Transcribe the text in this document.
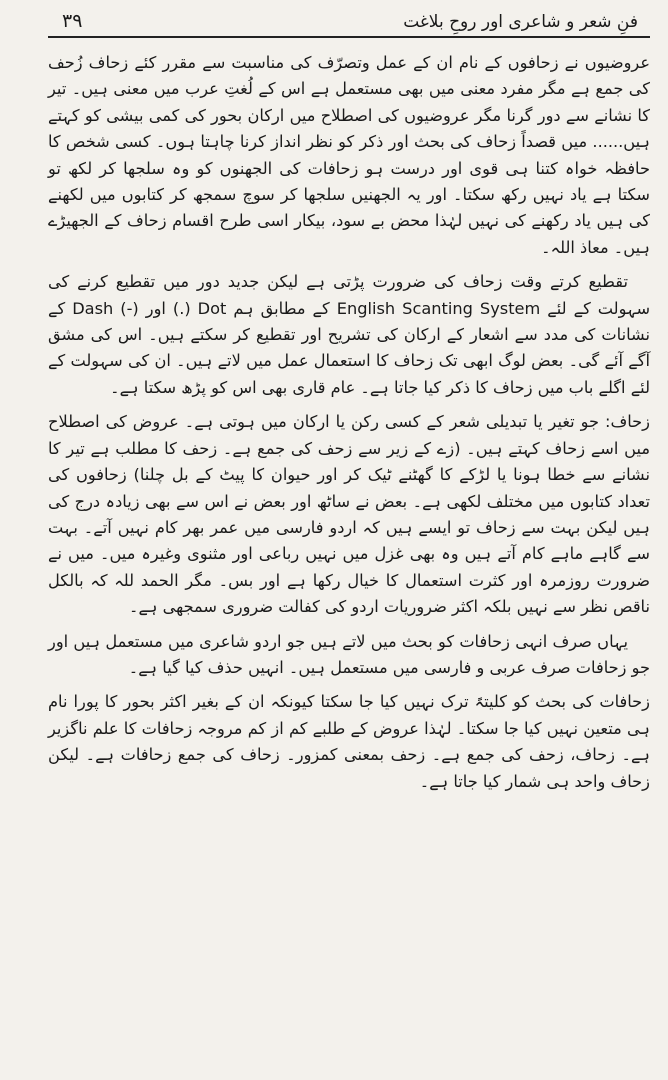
فنِ شعر و شاعری اور روحِ بلاغت
۳۹

عروضیوں نے زحافوں کے نام ان کے عمل وتصرّف کی مناسبت سے مقرر کئے زحاف زُحف کی جمع ہے مگر مفرد معنی میں بھی مستعمل ہے اس کے لُغتِ عرب میں معنی ہیں۔ تیر کا نشانے سے دور گرنا مگر عروضیوں کی اصطلاح میں ارکان بحور کی کمی بیشی کو کہتے ہیں...... میں قصداً زحاف کی بحث اور ذکر کو نظر انداز کرنا چاہتا ہوں۔ کسی شخص کا حافظہ خواہ کتنا ہی قوی اور درست ہو زحافات کی الجھنوں کو وہ سلجھا کر لکھ تو سکتا ہے یاد نہیں رکھ سکتا۔ اور یہ الجھنیں سلجھا کر سوچ سمجھ کر کتابوں میں لکھنے کی ہیں یاد رکھنے کی نہیں لہٰذا محض بے سود، بیکار اسی طرح اقسام زحاف کے الجھیڑے ہیں۔ معاذ اللہ۔

تقطیع کرتے وقت زحاف کی ضرورت پڑتی ہے لیکن جدید دور میں تقطیع کرنے کی سہولت کے لئے English Scanting System کے مطابق ہم Dot (.) اور (-) Dash کے نشانات کی مدد سے اشعار کے ارکان کی تشریح اور تقطیع کر سکتے ہیں۔ اس کی مشق آگے آئے گی۔ بعض لوگ ابھی تک زحاف کا استعمال عمل میں لاتے ہیں۔ ان کی سہولت کے لئے اگلے باب میں زحاف کا ذکر کیا جاتا ہے۔ عام قاری بھی اس کو پڑھ سکتا ہے۔

زحاف: جو تغیر یا تبدیلی شعر کے کسی رکن یا ارکان میں ہوتی ہے۔ عروض کی اصطلاح میں اسے زحاف کہتے ہیں۔ (زے کے زیر سے زحف کی جمع ہے۔ زحف کا مطلب ہے تیر کا نشانے سے خطا ہونا یا لڑکے کا گھٹنے ٹیک کر اور حیوان کا پیٹ کے بل چلنا) زحافوں کی تعداد کتابوں میں مختلف لکھی ہے۔ بعض نے ساٹھ اور بعض نے اس سے بھی زیادہ درج کی ہیں لیکن بہت سے زحاف تو ایسے ہیں کہ اردو فارسی میں عمر بھر کام نہیں آتے۔ بہت سے گاہے ماہے کام آتے ہیں وہ بھی غزل میں نہیں رباعی اور مثنوی وغیرہ میں۔ میں نے ضرورت روزمرہ اور کثرت استعمال کا خیال رکھا ہے اور بس۔ مگر الحمد للہ کہ بالکل ناقص نظر سے نہیں بلکہ اکثر ضروریات اردو کی کفالت ضروری سمجھی ہے۔

یہاں صرف انہی زحافات کو بحث میں لاتے ہیں جو اردو شاعری میں مستعمل ہیں اور جو زحافات صرف عربی و فارسی میں مستعمل ہیں۔ انہیں حذف کیا گیا ہے۔

زحافات کی بحث کو کلیتہً ترک نہیں کیا جا سکتا کیونکہ ان کے بغیر اکثر بحور کا پورا نام ہی متعین نہیں کیا جا سکتا۔ لہٰذا عروض کے طلبے کم از کم مروجہ زحافات کا علم ناگزیر ہے۔ زحاف، زحف کی جمع ہے۔ زحف بمعنی کمزور۔ زحاف کی جمع زحافات ہے۔ لیکن زحاف واحد ہی شمار کیا جاتا ہے۔
